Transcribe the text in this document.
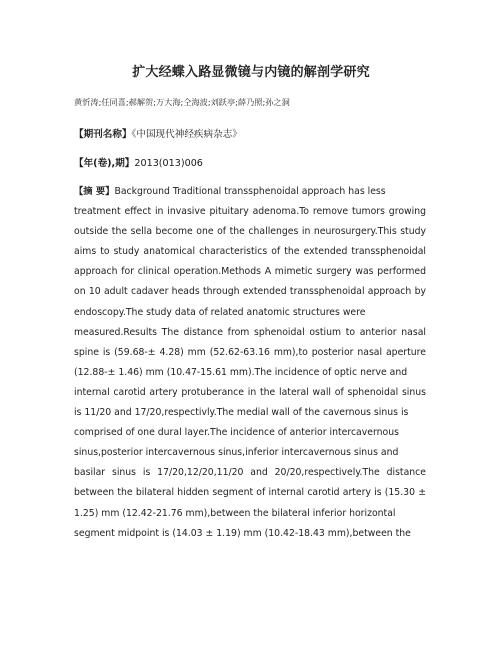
扩大经蝶入路显微镜与内镜的解剖学研究
黄忻涛;任同喜;郝解贺;万大海;仝海波;刘跃亭;薛乃照;孙之洞
【期刊名称】《中国现代神经疾病杂志》
【年(卷),期】2013(013)006
【摘 要】Background Traditional transsphenoidal approach has less
treatment effect in invasive pituitary adenoma.To remove tumors growing
outside the sella become one of the challenges in neurosurgery.This study
aims to study anatomical characteristics of the extended transsphenoidal
approach for clinical operation.Methods A mimetic surgery was performed
on 10 adult cadaver heads through extended transsphenoidal approach by
endoscopy.The study data of related anatomic structures were
measured.Results The distance from sphenoidal ostium to anterior nasal
spine is (59.68-± 4.28) mm (52.62-63.16 mm),to posterior nasal aperture
(12.88-± 1.46) mm (10.47-15.61 mm).The incidence of optic nerve and
internal carotid artery protuberance in the lateral wall of sphenoidal sinus
is 11/20 and 17/20,respectivly.The medial wall of the cavernous sinus is
comprised of one dural layer.The incidence of anterior intercavernous
sinus,posterior intercavernous sinus,inferior intercavernous sinus and
basilar sinus is 17/20,12/20,11/20 and 20/20,respectively.The distance
between the bilateral hidden segment of internal carotid artery is (15.30 ±
1.25) mm (12.42-21.76 mm),between the bilateral inferior horizontal
segment midpoint is (14.03 ± 1.19) mm (10.42-18.43 mm),between the
